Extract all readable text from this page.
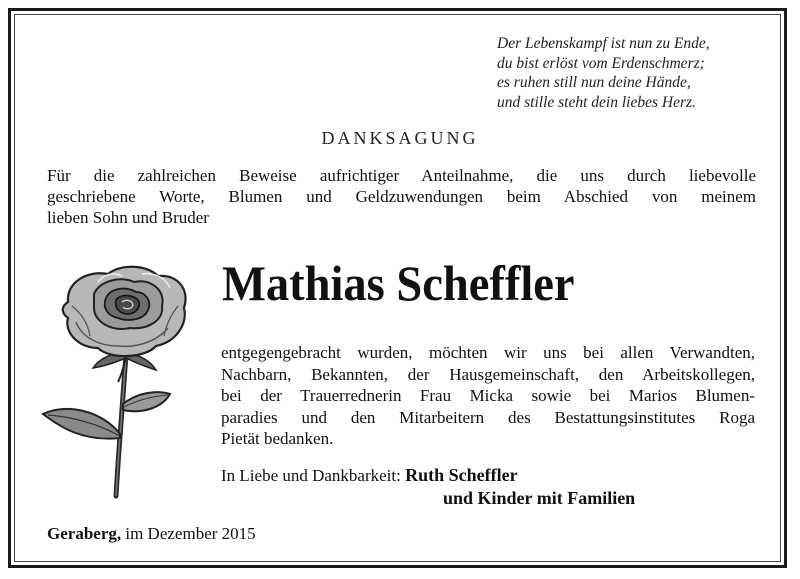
Der Lebenskampf ist nun zu Ende,
du bist erlöst vom Erdenschmerz;
es ruhen still nun deine Hände,
und stille steht dein liebes Herz.
DANKSAGUNG
Für die zahlreichen Beweise aufrichtiger Anteilnahme, die uns durch liebevolle
geschriebene Worte, Blumen und Geldzuwendungen beim Abschied von meinem
lieben Sohn und Bruder
Mathias Scheffler
entgegengebracht wurden, möchten wir uns bei allen Verwandten,
Nachbarn, Bekannten, der Hausgemeinschaft, den Arbeitskollegen,
bei der Trauerrednerin Frau Micka sowie bei Marios Blumen-
paradies und den Mitarbeitern des Bestattungsinstitutes Roga
Pietät bedanken.
In Liebe und Dankbarkeit: Ruth Scheffler
und Kinder mit Familien
Geraberg, im Dezember 2015
